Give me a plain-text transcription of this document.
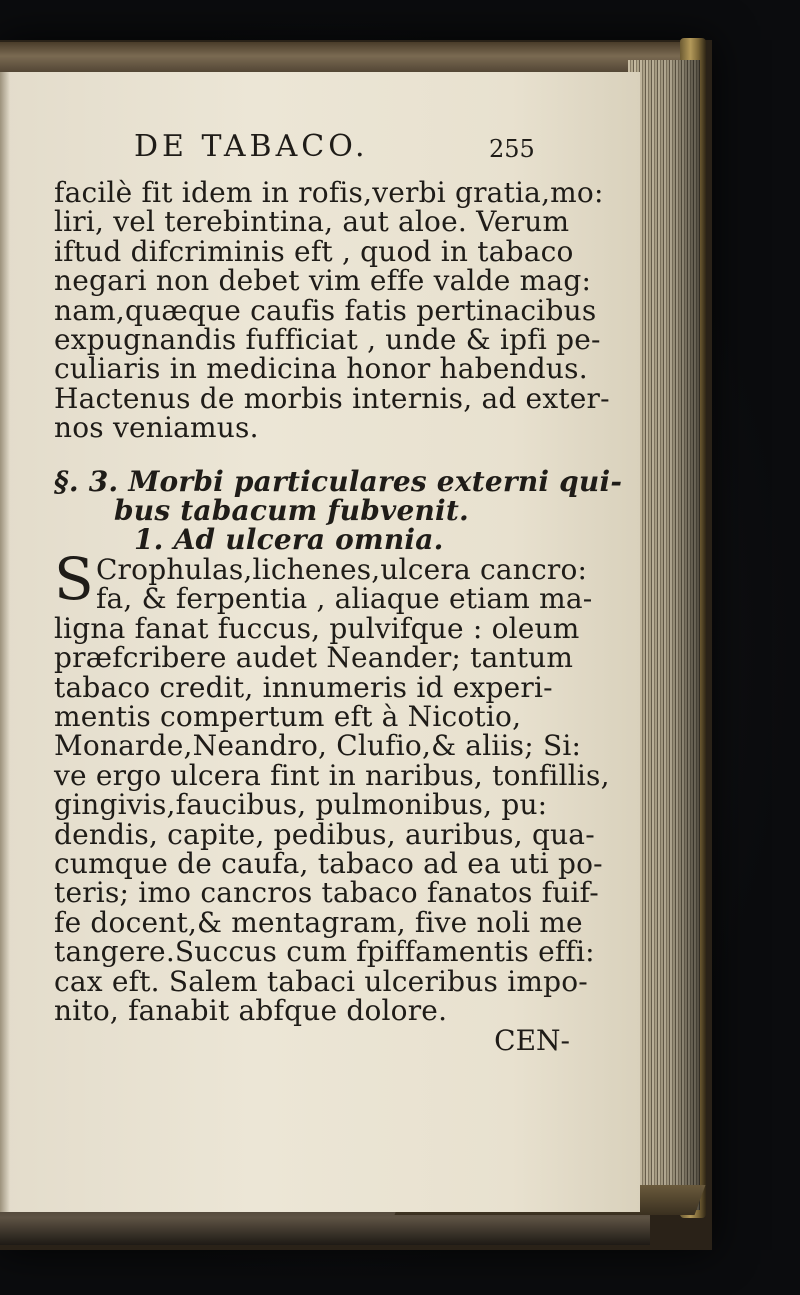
DE TABACO.	255
facilè fit idem in rofis,verbi gratia,mo:
liri, vel terebintina, aut aloe. Verum
iftud difcriminis eft , quod in tabaco
negari non debet vim effe valde mag:
nam,quæque caufis fatis pertinacibus
expugnandis fufficiat , unde & ipfi pe-
culiaris in medicina honor habendus.
Hactenus de morbis internis, ad exter-
nos veniamus.
§. 3. Morbi particulares externi qui-
bus tabacum fubvenit.
1. Ad ulcera omnia.
S Crophulas,lichenes,ulcera cancro:
fa, & ferpentia , aliaque etiam ma-
ligna fanat fuccus, pulvifque : oleum
præfcribere audet Neander; tantum
tabaco credit, innumeris id experi-
mentis compertum eft à Nicotio,
Monarde,Neandro, Clufio,& aliis; Si:
ve ergo ulcera fint in naribus, tonfillis,
gingivis,faucibus, pulmonibus, pu:
dendis, capite, pedibus, auribus, qua-
cumque de caufa, tabaco ad ea uti po-
teris; imo cancros tabaco fanatos fuif-
fe docent,& mentagram, five noli me
tangere.Succus cum fpiffamentis effi:
cax eft. Salem tabaci ulceribus impo-
nito, fanabit abfque dolore.
CEN-
